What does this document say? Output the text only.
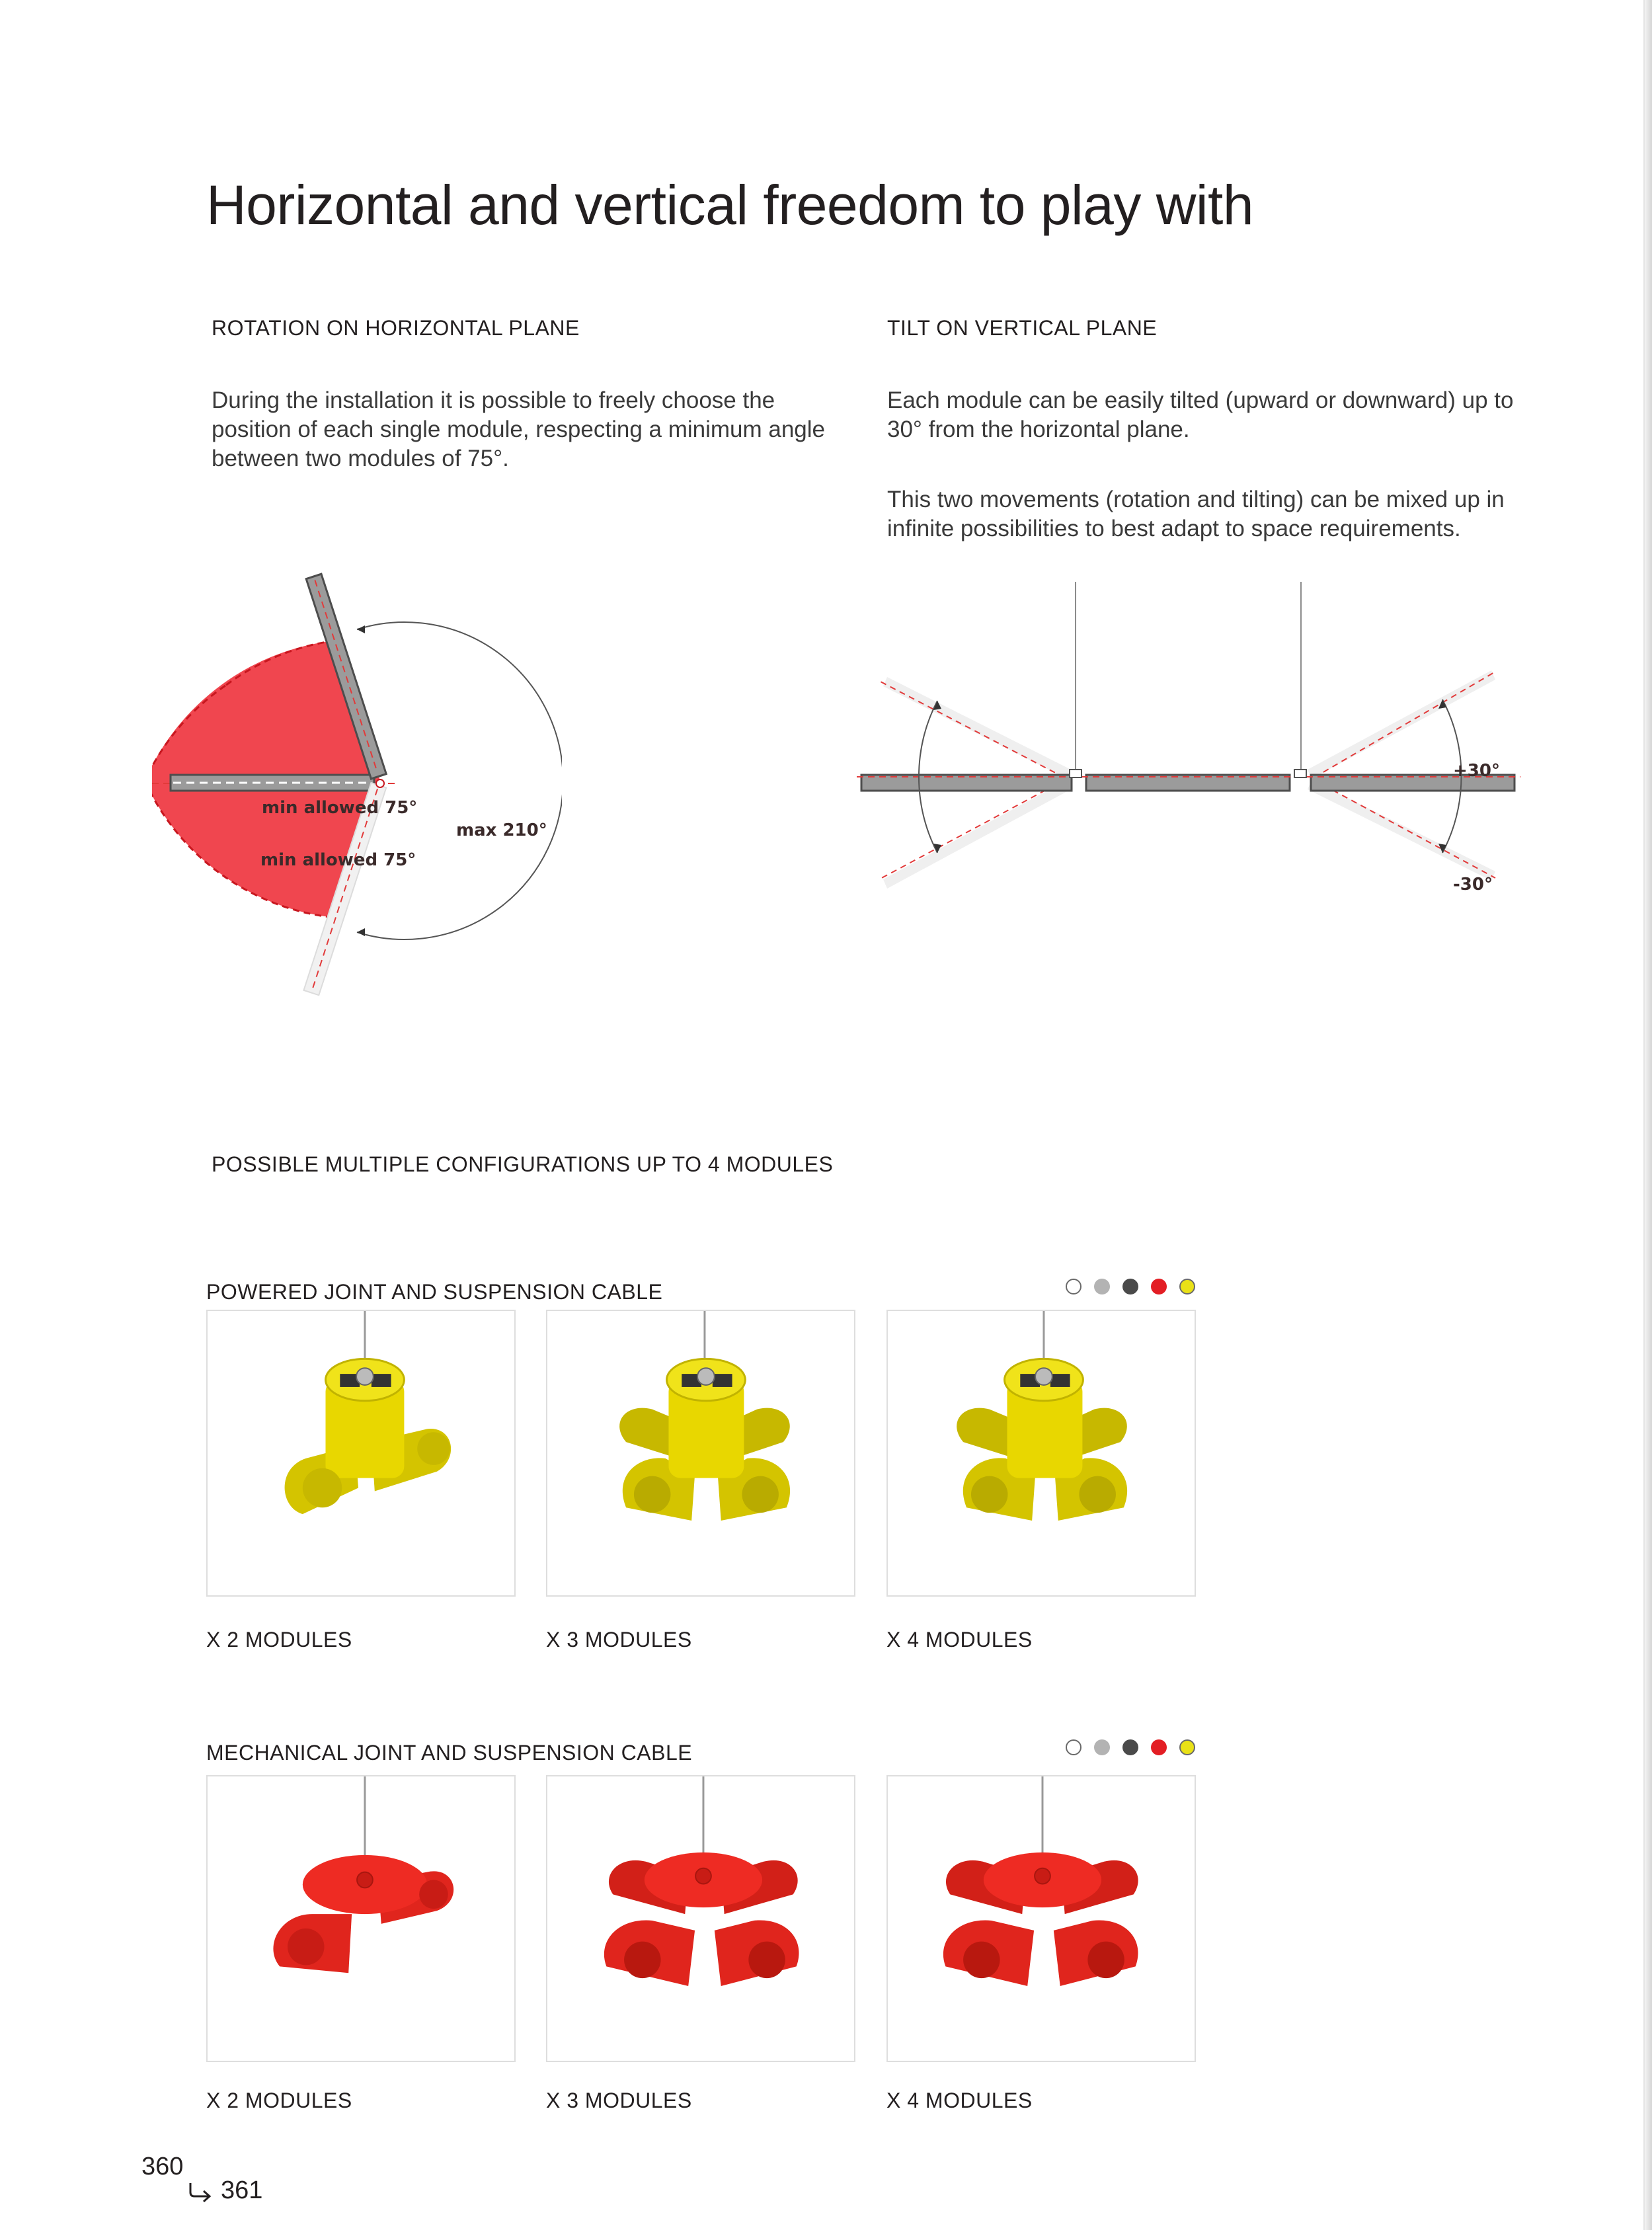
Horizontal and vertical freedom to play with
ROTATION ON HORIZONTAL PLANE
During the installation it is possible to freely choose the position of each single module, respecting a minimum angle between two modules of 75°.
TILT ON VERTICAL PLANE
Each module can be easily tilted (upward or downward) up to 30° from the horizontal plane.
This two movements (rotation and tilting) can be mixed up in infinite possibilities to best adapt to space requirements.
min allowed 75°
min allowed 75°
max 210°
+30°
-30°
POSSIBLE MULTIPLE CONFIGURATIONS UP TO 4 MODULES
POWERED JOINT AND SUSPENSION CABLE
X 2 MODULES	X 3 MODULES	X 4 MODULES
MECHANICAL JOINT AND SUSPENSION CABLE
X 2 MODULES	X 3 MODULES	X 4 MODULES
360
361
